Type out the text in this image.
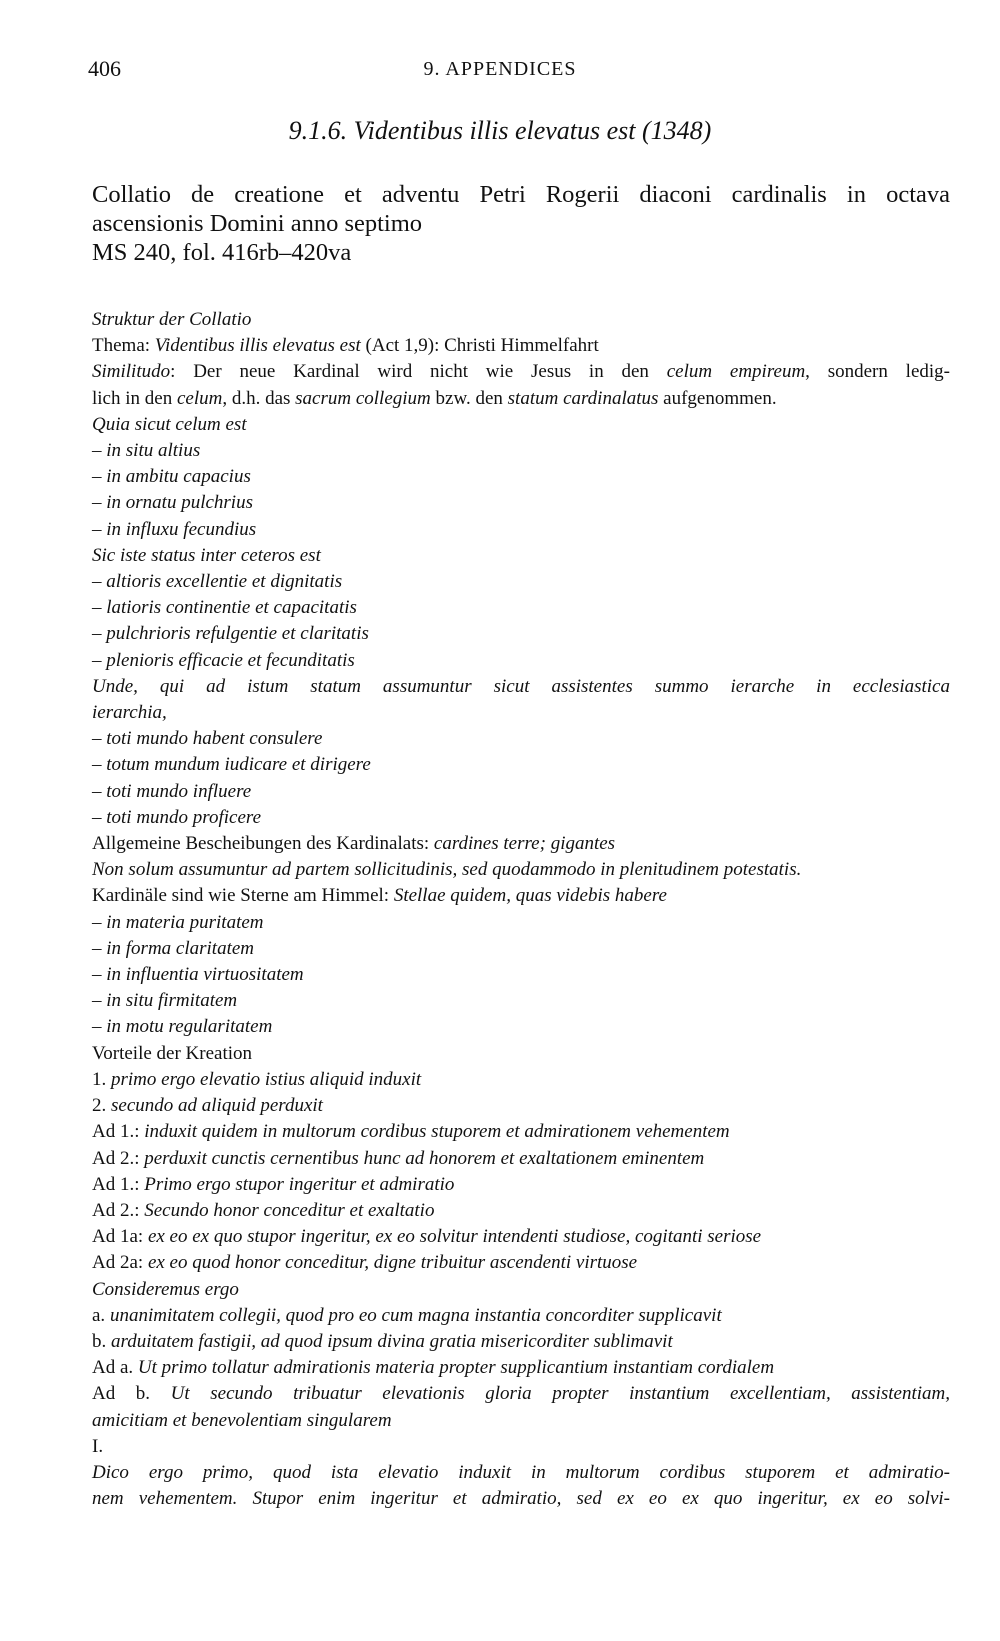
406	9. APPENDICES
9.1.6. Videntibus illis elevatus est (1348)
Collatio de creatione et adventu Petri Rogerii diaconi cardinalis in octava
ascensionis Domini anno septimo
MS 240, fol. 416rb–420va
Struktur der Collatio
Thema: Videntibus illis elevatus est (Act 1,9): Christi Himmelfahrt
Similitudo: Der neue Kardinal wird nicht wie Jesus in den celum empireum, sondern ledig-
lich in den celum, d.h. das sacrum collegium bzw. den statum cardinalatus aufgenommen.
Quia sicut celum est
– in situ altius
– in ambitu capacius
– in ornatu pulchrius
– in influxu fecundius
Sic iste status inter ceteros est
– altioris excellentie et dignitatis
– latioris continentie et capacitatis
– pulchrioris refulgentie et claritatis
– plenioris efficacie et fecunditatis
Unde, qui ad istum statum assumuntur sicut assistentes summo ierarche in ecclesiastica
ierarchia,
– toti mundo habent consulere
– totum mundum iudicare et dirigere
– toti mundo influere
– toti mundo proficere
Allgemeine Bescheibungen des Kardinalats: cardines terre; gigantes
Non solum assumuntur ad partem sollicitudinis, sed quodammodo in plenitudinem potestatis.
Kardinäle sind wie Sterne am Himmel: Stellae quidem, quas videbis habere
– in materia puritatem
– in forma claritatem
– in influentia virtuositatem
– in situ firmitatem
– in motu regularitatem
Vorteile der Kreation
1. primo ergo elevatio istius aliquid induxit
2. secundo ad aliquid perduxit
Ad 1.: induxit quidem in multorum cordibus stuporem et admirationem vehementem
Ad 2.: perduxit cunctis cernentibus hunc ad honorem et exaltationem eminentem
Ad 1.: Primo ergo stupor ingeritur et admiratio
Ad 2.: Secundo honor conceditur et exaltatio
Ad 1a: ex eo ex quo stupor ingeritur, ex eo solvitur intendenti studiose, cogitanti seriose
Ad 2a: ex eo quod honor conceditur, digne tribuitur ascendenti virtuose
Consideremus ergo
a. unanimitatem collegii, quod pro eo cum magna instantia concorditer supplicavit
b. arduitatem fastigii, ad quod ipsum divina gratia misericorditer sublimavit
Ad a. Ut primo tollatur admirationis materia propter supplicantium instantiam cordialem
Ad b. Ut secundo tribuatur elevationis gloria propter instantium excellentiam, assistentiam,
amicitiam et benevolentiam singularem
I.
Dico ergo primo, quod ista elevatio induxit in multorum cordibus stuporem et admiratio-
nem vehementem. Stupor enim ingeritur et admiratio, sed ex eo ex quo ingeritur, ex eo solvi-
